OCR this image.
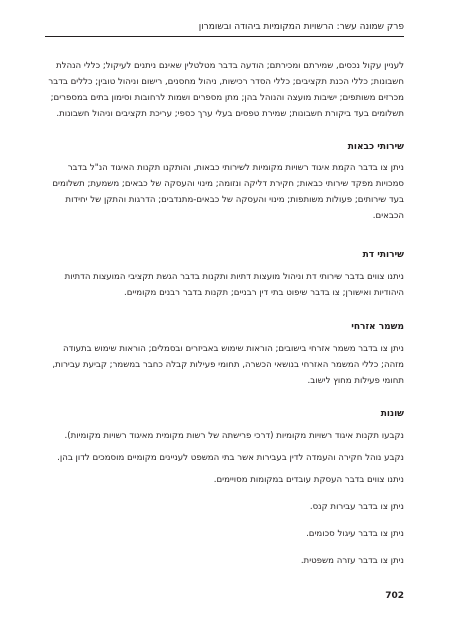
פרק שמונה עשר: הרשויות המקומיות ביהודה ובשומרון

לעניין עקול נכסים, שמירתם ומכירתם; הודעה בדבר מטלטלין שאינם ניתנים לעיקול; כללי הנהלת חשבונות; כללי הכנת תקציבים; כללי הסדר רכישות, ניהול מחסנים, רישום וניהול טובין; כללים בדבר מכרזים משותפים; ישיבות מועצה והנוהל בהן; מתן מספרים ושמות לרחובות וסימון בתים במספרים; תשלומים בעד ביקורת חשבונות; שמירת טפסים בעלי ערך כספי; עריכת תקציבים וניהול חשבונות.

שירותי כבאות

ניתן צו בדבר הקמת איגוד רשויות מקומיות לשירותי כבאות, והותקנו תקנות האיגוד הנ"ל בדבר סמכויות מפקד שירותי כבאות; חקירת דליקה ונזומה; מינוי והעסקה של כבאים; משמעת; תשלומים בעד שירותים; פעולות משותפות; מינוי והעסקה של כבאים-מתנדבים; הדרגות והתקן של יחידות הכבאים.

שירותי דת

ניתנו צווים בדבר שירותי דת וניהול מועצות דתיות ותקנות בדבר הגשת תקציבי המועצות הדתיות היהודיות ואישורן; צו בדבר שיפוט בתי דין רבניים; תקנות בדבר רבנים מקומיים.

משמר אזרחי

ניתן צו בדבר משמר אזרחי בישובים; הוראות שימוש באביזרים ובסמלים; הוראות שימוש בתעודה מזהה; כללי המשמר האזרחי בנושאי הכשרה, תחומי פעילות קבלה כחבר במשמר; קביעת עבירות, תחומי פעילות מחוץ לישוב.

שונות

נקבעו תקנות איגוד רשויות מקומיות (דרכי פרישתה של רשות מקומית מאיגוד רשויות מקומיות).

נקבע נוהל חקירה והעמדה לדין בעבירות אשר בתי המשפט לעניינים מקומיים מוסמכים לדון בהן.

ניתנו צווים בדבר העסקת עובדים במקומות מסויימים.

ניתן צו בדבר עבירות קנס.

ניתן צו בדבר עיגול סכומים.

ניתן צו בדבר עזרה משפטית.

702
